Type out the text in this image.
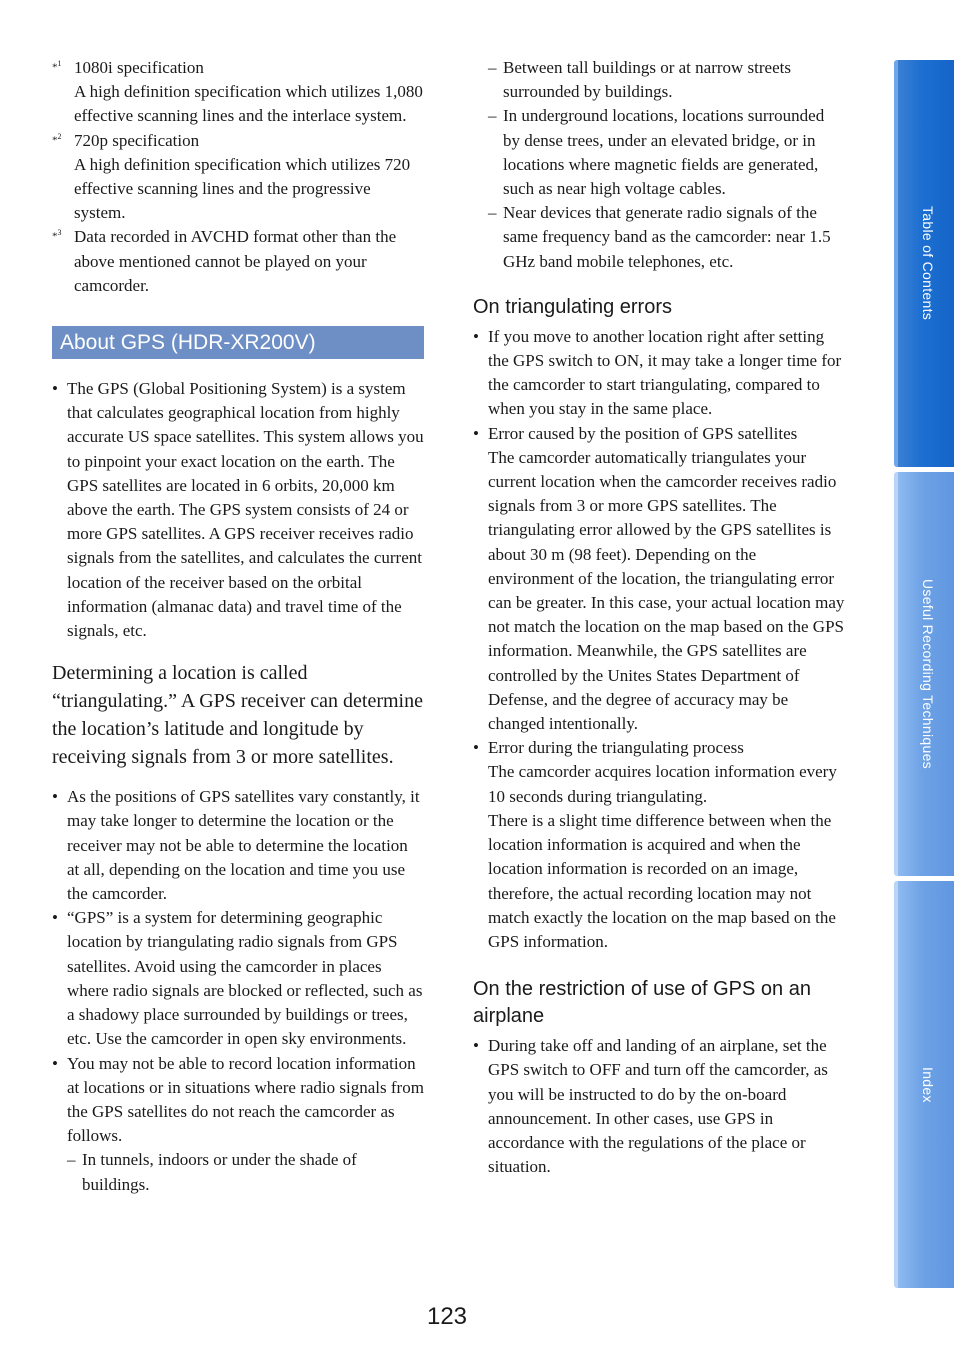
*$^1$ 1080i specification
A high definition specification which utilizes 1,080 effective scanning lines and the interlace system.
*$^2$ 720p specification
A high definition specification which utilizes 720 effective scanning lines and the progressive system.
*$^3$ Data recorded in AVCHD format other than the above mentioned cannot be played on your camcorder.
About GPS (HDR-XR200V)
• The GPS (Global Positioning System) is a system that calculates geographical location from highly accurate US space satellites. This system allows you to pinpoint your exact location on the earth. The GPS satellites are located in 6 orbits, 20,000 km above the earth. The GPS system consists of 24 or more GPS satellites. A GPS receiver receives radio signals from the satellites, and calculates the current location of the receiver based on the orbital information (almanac data) and travel time of the signals, etc.

Determining a location is called “triangulating.” A GPS receiver can determine the location’s latitude and longitude by receiving signals from 3 or more satellites.

• As the positions of GPS satellites vary constantly, it may take longer to determine the location or the receiver may not be able to determine the location at all, depending on the location and time you use the camcorder.
• “GPS” is a system for determining geographic location by triangulating radio signals from GPS satellites. Avoid using the camcorder in places where radio signals are blocked or reflected, such as a shadowy place surrounded by buildings or trees, etc. Use the camcorder in open sky environments.
• You may not be able to record location information at locations or in situations where radio signals from the GPS satellites do not reach the camcorder as follows.
– In tunnels, indoors or under the shade of buildings.
– Between tall buildings or at narrow streets surrounded by buildings.
– In underground locations, locations surrounded by dense trees, under an elevated bridge, or in locations where magnetic fields are generated, such as near high voltage cables.
– Near devices that generate radio signals of the same frequency band as the camcorder: near 1.5 GHz band mobile telephones, etc.
On triangulating errors
• If you move to another location right after setting the GPS switch to ON, it may take a longer time for the camcorder to start triangulating, compared to when you stay in the same place.
• Error caused by the position of GPS satellites
The camcorder automatically triangulates your current location when the camcorder receives radio signals from 3 or more GPS satellites. The triangulating error allowed by the GPS satellites is about 30 m (98 feet). Depending on the environment of the location, the triangulating error can be greater. In this case, your actual location may not match the location on the map based on the GPS information. Meanwhile, the GPS satellites are controlled by the Unites States Department of Defense, and the degree of accuracy may be changed intentionally.
• Error during the triangulating process
The camcorder acquires location information every 10 seconds during triangulating.
There is a slight time difference between when the location information is acquired and when the location information is recorded on an image, therefore, the actual recording location may not match exactly the location on the map based on the GPS information.
On the restriction of use of GPS on an airplane
• During take off and landing of an airplane, set the GPS switch to OFF and turn off the camcorder, as you will be instructed to do by the on-board announcement. In other cases, use GPS in accordance with the regulations of the place or situation.
Table of Contents
Useful Recording Techniques
Index
123
